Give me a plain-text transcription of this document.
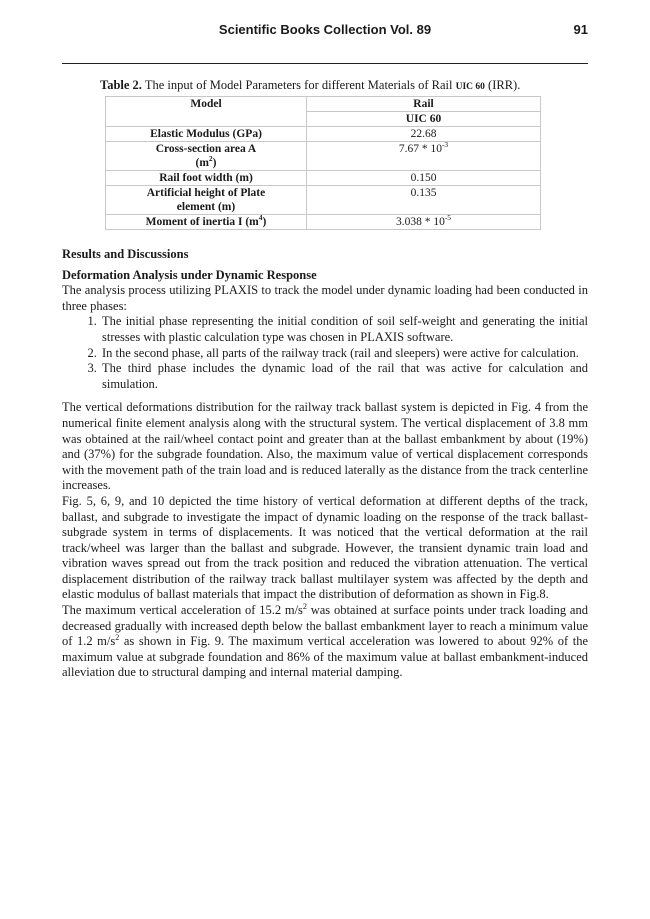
Scientific Books Collection Vol. 89	91
Table 2. The input of Model Parameters for different Materials of Rail UIC 60 (IRR).
Model	Rail
	UIC 60
Elastic Modulus (GPa)	22.68
Cross-section area A
$(m^2)$	$7.67 * 10^{-3}$
Rail foot width (m)	0.150
Artificial height of Plate
element (m)	0.135
Moment of inertia I $(m^4)$	$3.038 * 10^{-5}$
Results and Discussions
Deformation Analysis under Dynamic Response

The analysis process utilizing PLAXIS to track the model under dynamic loading had been conducted in three phases:

1. The initial phase representing the initial condition of soil self-weight and generating the initial stresses with plastic calculation type was chosen in PLAXIS software.
2. In the second phase, all parts of the railway track (rail and sleepers) were active for calculation.
3. The third phase includes the dynamic load of the rail that was active for calculation and simulation.

The vertical deformations distribution for the railway track ballast system is depicted in Fig. 4 from the numerical finite element analysis along with the structural system. The vertical displacement of 3.8 mm was obtained at the rail/wheel contact point and greater than at the ballast embankment by about (19%) and (37%) for the subgrade foundation. Also, the maximum value of vertical displacement corresponds with the movement path of the train load and is reduced laterally as the distance from the track centerline increases.

Fig. 5, 6, 9, and 10 depicted the time history of vertical deformation at different depths of the track, ballast, and subgrade to investigate the impact of dynamic loading on the response of the track ballast-subgrade system in terms of displacements. It was noticed that the vertical deformation at the rail track/wheel was larger than the ballast and subgrade. However, the transient dynamic train load and vibration waves spread out from the track position and reduced the vibration attenuation. The vertical displacement distribution of the railway track ballast multilayer system was affected by the depth and elastic modulus of ballast materials that impact the distribution of deformation as shown in Fig.8.

The maximum vertical acceleration of 15.2 $m/s^2$ was obtained at surface points under track loading and decreased gradually with increased depth below the ballast embankment layer to reach a minimum value of 1.2 $m/s^2$ as shown in Fig. 9. The maximum vertical acceleration was lowered to about 92% of the maximum value at subgrade foundation and 86% of the maximum value at ballast embankment-induced alleviation due to structural damping and internal material damping.
